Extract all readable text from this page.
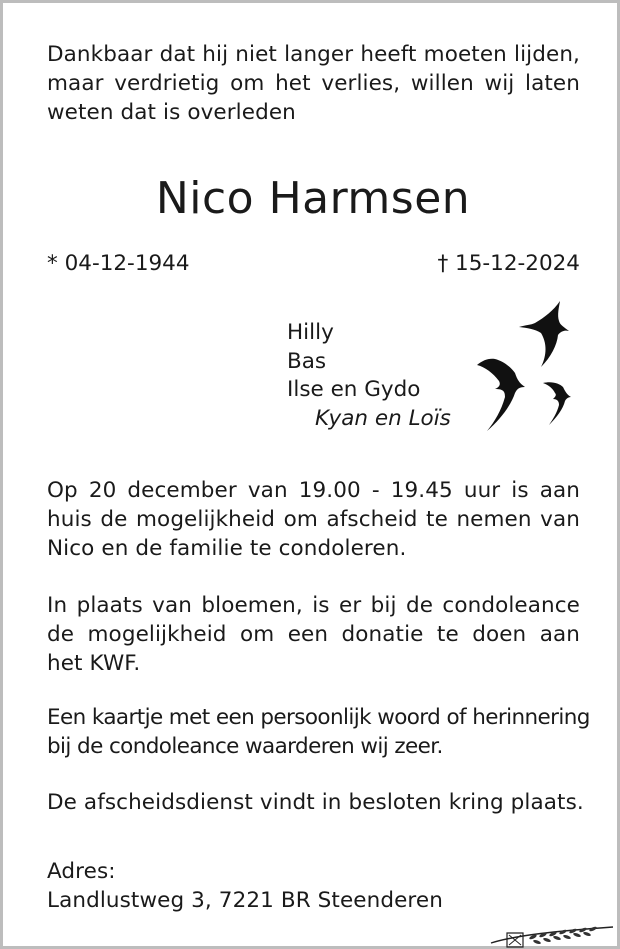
Dankbaar dat hij niet langer heeft moeten lijden,
maar verdrietig om het verlies, willen wij laten
weten dat is overleden
Nico Harmsen
* 04-12-1944	† 15-12-2024
Hilly
Bas
Ilse en Gydo
Kyan en Loïs
Op 20 december van 19.00 - 19.45 uur is aan
huis de mogelijkheid om afscheid te nemen van
Nico en de familie te condoleren.
In plaats van bloemen, is er bij de condoleance
de mogelijkheid om een donatie te doen aan
het KWF.
Een kaartje met een persoonlijk woord of herinnering
bij de condoleance waarderen wij zeer.
De afscheidsdienst vindt in besloten kring plaats.
Adres:
Landlustweg 3, 7221 BR Steenderen
